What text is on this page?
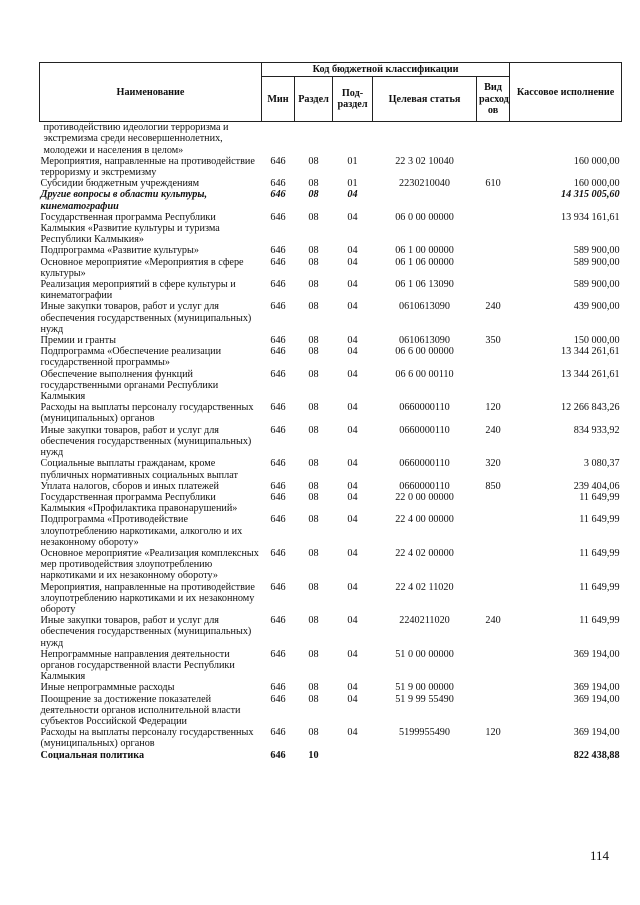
Наименование	Код бюджетной классификации					Кассовое исполнение
	Мин	Раздел	Под-раздел	Целевая статья	Вид расход ов	
противодействию идеологии терроризма и экстремизма среди несовершеннолетних, молодежи и населения в целом»						
Мероприятия, направленные на противодействие терроризму и экстремизму	646	08	01	22 3 02 10040		160 000,00
Субсидии бюджетным учреждениям	646	08	01	2230210040	610	160 000,00
Другие вопросы в области культуры, кинематографии	646	08	04			14 315 005,60
Государственная программа Республики Калмыкия «Развитие культуры и туризма Республики Калмыкия»	646	08	04	06 0 00 00000		13 934 161,61
Подпрограмма «Развитие культуры»	646	08	04	06 1 00 00000		589 900,00
Основное мероприятие «Мероприятия в сфере культуры»	646	08	04	06 1 06 00000		589 900,00
Реализация мероприятий в сфере культуры и кинематографии	646	08	04	06 1 06 13090		589 900,00
Иные закупки товаров, работ и услуг для обеспечения государственных (муниципальных) нужд	646	08	04	0610613090	240	439 900,00
Премии и гранты	646	08	04	0610613090	350	150 000,00
Подпрограмма «Обеспечение реализации государственной программы»	646	08	04	06 6 00 00000		13 344 261,61
Обеспечение выполнения функций государственными органами Республики Калмыкия	646	08	04	06 6 00 00110		13 344 261,61
Расходы на выплаты персоналу государственных (муниципальных) органов	646	08	04	0660000110	120	12 266 843,26
Иные закупки товаров, работ и услуг для обеспечения государственных (муниципальных) нужд	646	08	04	0660000110	240	834 933,92
Социальные выплаты гражданам, кроме публичных нормативных социальных выплат	646	08	04	0660000110	320	3 080,37
Уплата налогов, сборов и иных платежей	646	08	04	0660000110	850	239 404,06
Государственная программа Республики Калмыкия «Профилактика правонарушений»	646	08	04	22 0 00 00000		11 649,99
Подпрограмма «Противодействие злоупотреблению наркотиками, алкоголю и их незаконному обороту»	646	08	04	22 4 00 00000		11 649,99
Основное мероприятие «Реализация комплексных мер противодействия злоупотреблению наркотиками и их незаконному обороту»	646	08	04	22 4 02 00000		11 649,99
Мероприятия, направленные на противодействие злоупотреблению наркотиками и их незаконному обороту	646	08	04	22 4 02 11020		11 649,99
Иные закупки товаров, работ и услуг для обеспечения государственных (муниципальных) нужд	646	08	04	2240211020	240	11 649,99
Непрограммные направления деятельности органов государственной власти Республики Калмыкия	646	08	04	51 0 00 00000		369 194,00
Иные непрограммные расходы	646	08	04	51 9 00 00000		369 194,00
Поощрение за достижение показателей деятельности органов исполнительной власти субъектов Российской Федерации	646	08	04	51 9 99 55490		369 194,00
Расходы на выплаты персоналу государственных (муниципальных) органов	646	08	04	5199955490	120	369 194,00
Социальная политика	646	10				822 438,88
114
